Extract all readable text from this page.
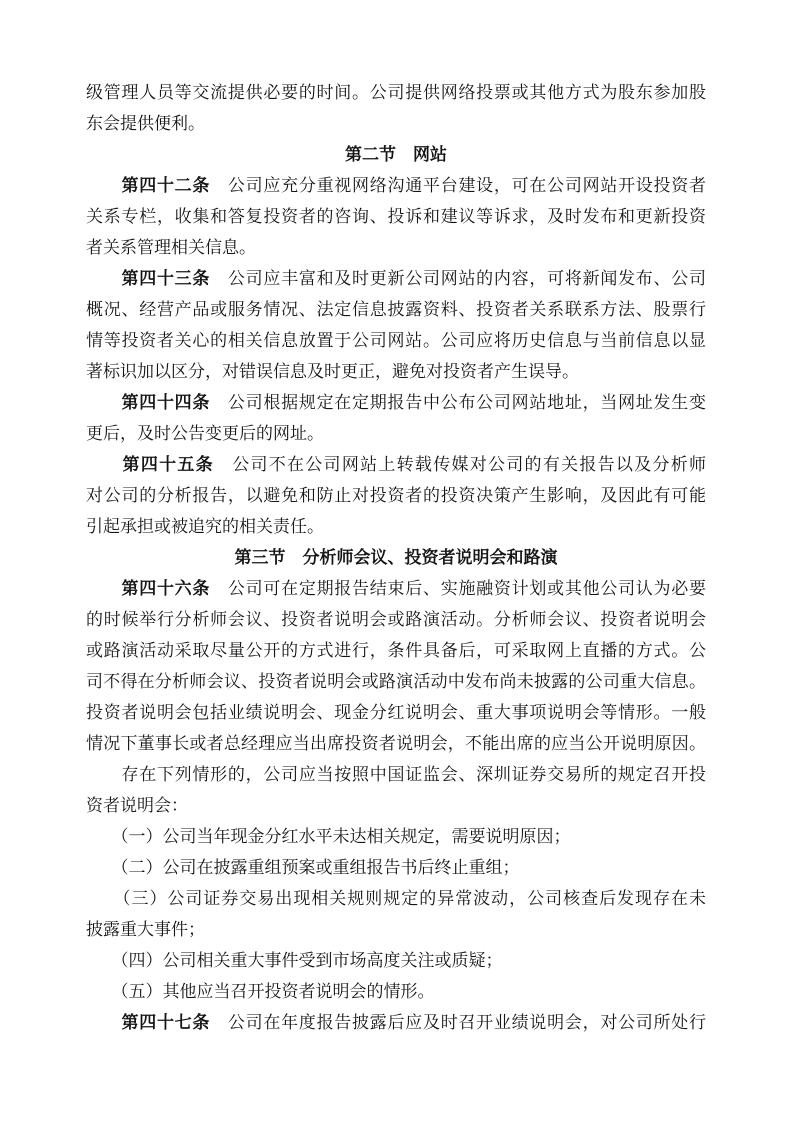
级管理人员等交流提供必要的时间。公司提供网络投票或其他方式为股东参加股
东会提供便利。
第二节　网站
　　第四十二条　公司应充分重视网络沟通平台建设，可在公司网站开设投资者
关系专栏，收集和答复投资者的咨询、投诉和建议等诉求，及时发布和更新投资
者关系管理相关信息。
　　第四十三条　公司应丰富和及时更新公司网站的内容，可将新闻发布、公司
概况、经营产品或服务情况、法定信息披露资料、投资者关系联系方法、股票行
情等投资者关心的相关信息放置于公司网站。公司应将历史信息与当前信息以显
著标识加以区分，对错误信息及时更正，避免对投资者产生误导。
　　第四十四条　公司根据规定在定期报告中公布公司网站地址，当网址发生变
更后，及时公告变更后的网址。
　　第四十五条　公司不在公司网站上转载传媒对公司的有关报告以及分析师
对公司的分析报告，以避免和防止对投资者的投资决策产生影响，及因此有可能
引起承担或被追究的相关责任。
第三节　分析师会议、投资者说明会和路演
　　第四十六条　公司可在定期报告结束后、实施融资计划或其他公司认为必要
的时候举行分析师会议、投资者说明会或路演活动。分析师会议、投资者说明会
或路演活动采取尽量公开的方式进行，条件具备后，可采取网上直播的方式。公
司不得在分析师会议、投资者说明会或路演活动中发布尚未披露的公司重大信息。
投资者说明会包括业绩说明会、现金分红说明会、重大事项说明会等情形。一般
情况下董事长或者总经理应当出席投资者说明会，不能出席的应当公开说明原因。
　　存在下列情形的，公司应当按照中国证监会、深圳证券交易所的规定召开投
资者说明会：
　　（一）公司当年现金分红水平未达相关规定，需要说明原因；
　　（二）公司在披露重组预案或重组报告书后终止重组；
　　（三）公司证券交易出现相关规则规定的异常波动，公司核查后发现存在未
披露重大事件；
　　（四）公司相关重大事件受到市场高度关注或质疑；
　　（五）其他应当召开投资者说明会的情形。
　　第四十七条　公司在年度报告披露后应及时召开业绩说明会，对公司所处行
